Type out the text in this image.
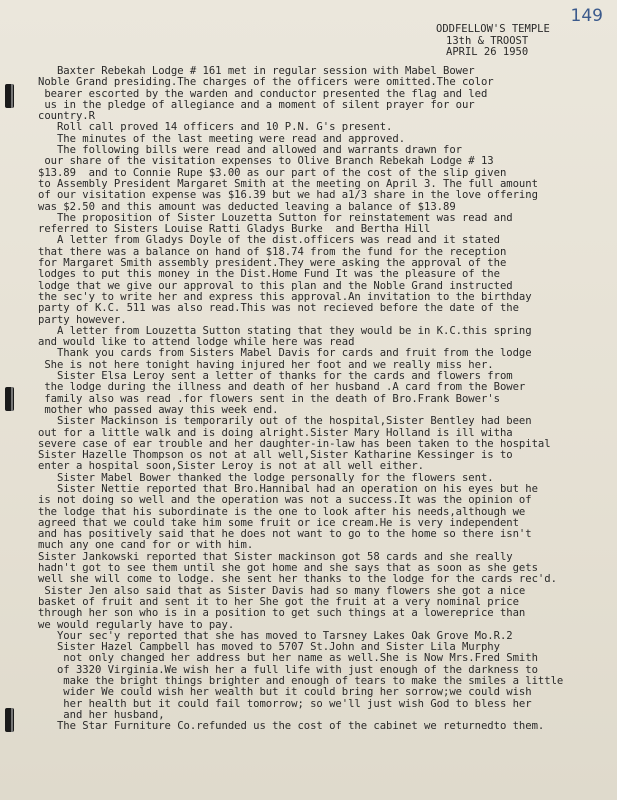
149
ODDFELLOW'S TEMPLE
13th & TROOST
APRIL 26 1950
Baxter Rebekah Lodge # 161 met in regular session with Mabel Bower
Noble Grand presiding.The charges of the officers were omitted.The color
bearer escorted by the warden and conductor presented the flag and led
us in the pledge of allegiance and a moment of silent prayer for our
country.R
Roll call proved 14 officers and 10 P.N. G's present.
The minutes of the last meeting were read and approved.
The following bills were read and allowed and warrants drawn for
our share of the visitation expenses to Olive Branch Rebekah Lodge # 13
$13.89  and to Connie Rupe $3.00 as our part of the cost of the slip given
to Assembly President Margaret Smith at the meeting on April 3. The full amount
of our visitation expense was $16.39 but we had a1/3 share in the love offering
was $2.50 and this amount was deducted leaving a balance of $13.89
The proposition of Sister Louzetta Sutton for reinstatement was read and
referred to Sisters Louise Ratti Gladys Burke  and Bertha Hill
A letter from Gladys Doyle of the dist.officers was read and it stated
that there was a balance on hand of $18.74 from the fund for the reception
for Margaret Smith assembly president.They were asking the approval of the
lodges to put this money in the Dist.Home Fund It was the pleasure of the
lodge that we give our approval to this plan and the Noble Grand instructed
the sec'y to write her and express this approval.An invitation to the birthday
party of K.C. 511 was also read.This was not recieved before the date of the
party however.
A letter from Louzetta Sutton stating that they would be in K.C.this spring
and would like to attend lodge while here was read
Thank you cards from Sisters Mabel Davis for cards and fruit from the lodge
She is not here tonight having injured her foot and we really miss her.
Sister Elsa Leroy sent a letter of thanks for the cards and flowers from
the lodge during the illness and death of her husband .A card from the Bower
family also was read .for flowers sent in the death of Bro.Frank Bower's
mother who passed away this week end.
Sister Mackinson is temporarily out of the hospital,Sister Bentley had been
out for a little walk and is doing alright.Sister Mary Holland is ill witha
severe case of ear trouble and her daughter-in-law has been taken to the hospital
Sister Hazelle Thompson os not at all well,Sister Katharine Kessinger is to
enter a hospital soon,Sister Leroy is not at all well either.
Sister Mabel Bower thanked the lodge personally for the flowers sent.
Sister Nettie reported that Bro.Hannibal had an operation on his eyes but he
is not doing so well and the operation was not a success.It was the opinion of
the lodge that his subordinate is the one to look after his needs,although we
agreed that we could take him some fruit or ice cream.He is very independent
and has positively said that he does not want to go to the home so there isn't
much any one cand for or with him.
Sister Jankowski reported that Sister mackinson got 58 cards and she really
hadn't got to see them until she got home and she says that as soon as she gets
well she will come to lodge. she sent her thanks to the lodge for the cards rec'd.
Sister Jen also said that as Sister Davis had so many flowers she got a nice
basket of fruit and sent it to her She got the fruit at a very nominal price
through her son who is in a position to get such things at a lowereprice than
we would regularly have to pay.
Your sec'y reported that she has moved to Tarsney Lakes Oak Grove Mo.R.2
Sister Hazel Campbell has moved to 5707 St.John and Sister Lila Murphy
not only changed her address but her name as well.She is Now Mrs.Fred Smith
of 3320 Virginia.We wish her a full life with just enough of the darkness to
make the bright things brighter and enough of tears to make the smiles a little
wider We could wish her wealth but it could bring her sorrow;we could wish
her health but it could fail tomorrow; so we'll just wish God to bless her
and her husband,
The Star Furniture Co.refunded us the cost of the cabinet we returnedto them.
